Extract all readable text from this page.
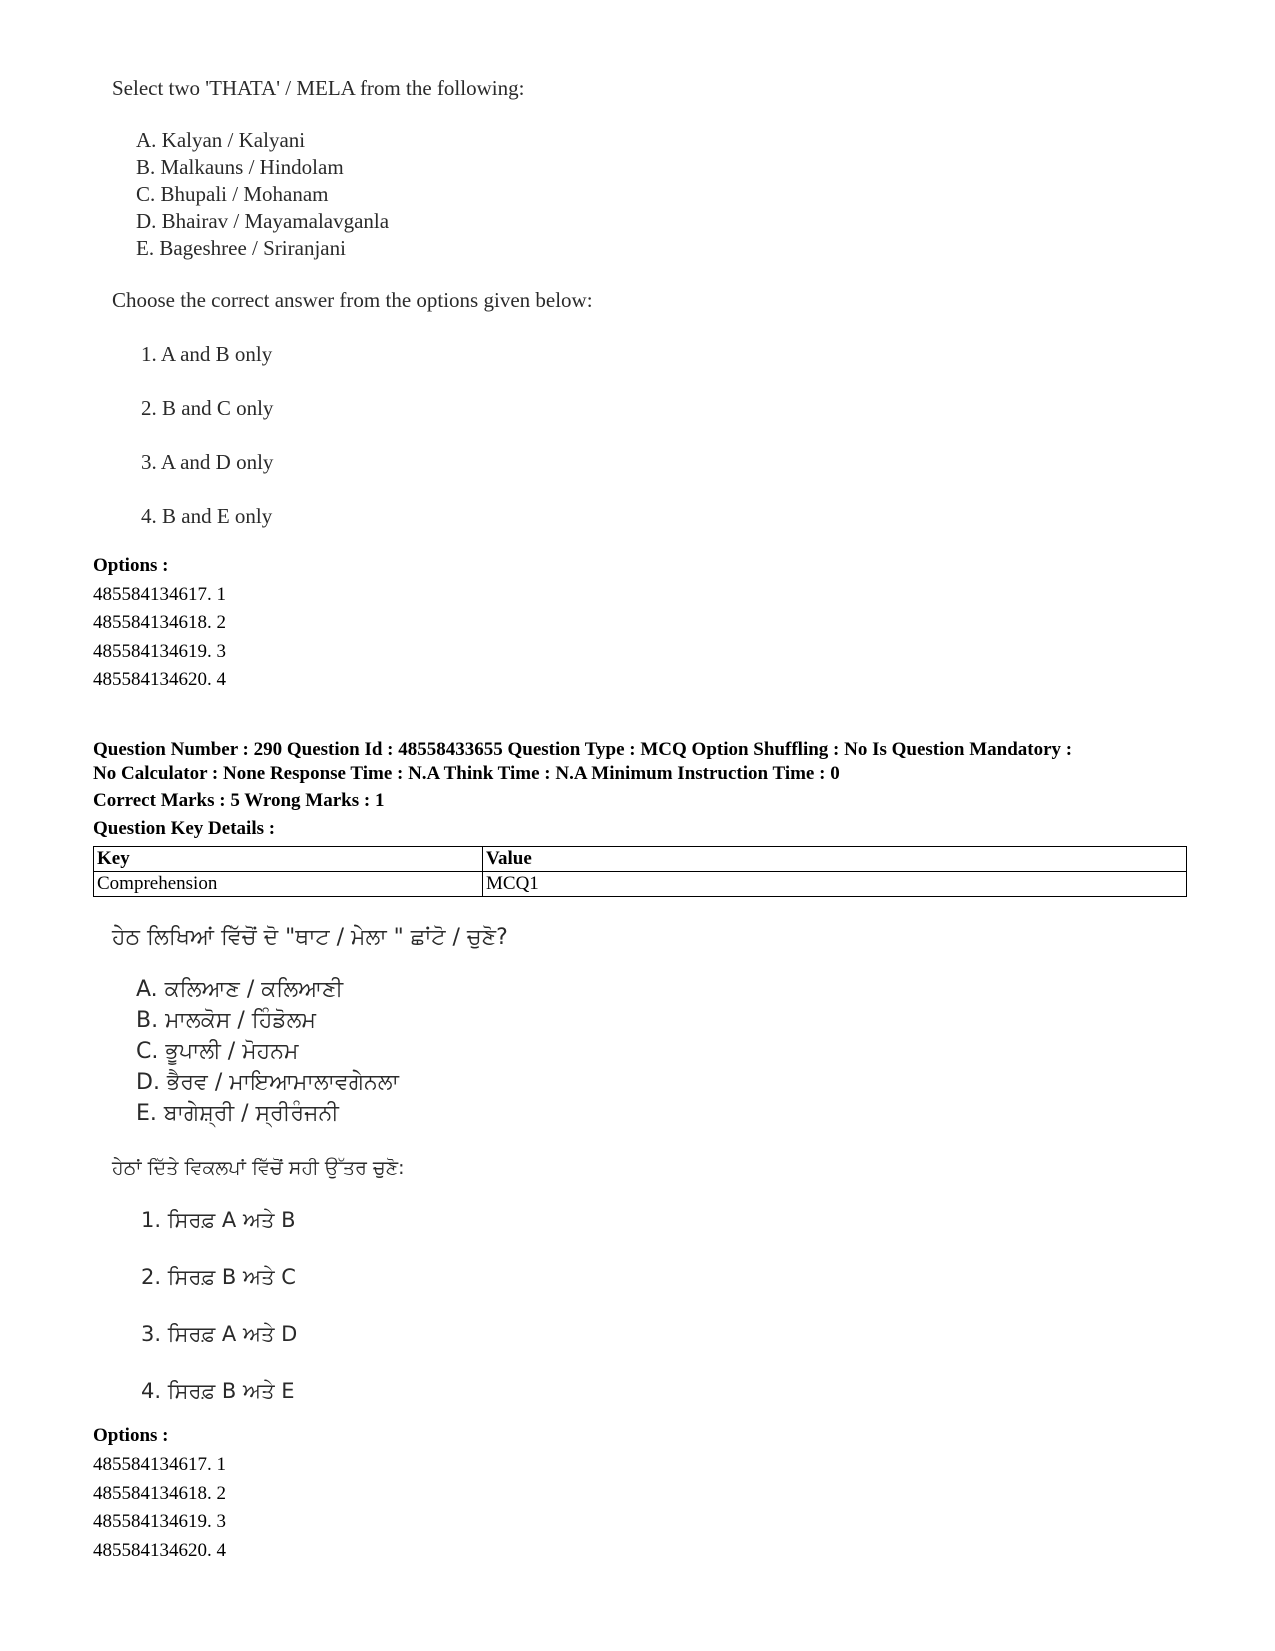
Select two 'THATA' / MELA from the following:
A. Kalyan / Kalyani
B. Malkauns / Hindolam
C. Bhupali / Mohanam
D. Bhairav / Mayamalavganla
E. Bageshree / Sriranjani
Choose the correct answer from the options given below:
1. A and B only
2. B and C only
3. A and D only
4. B and E only
Options :
485584134617. 1
485584134618. 2
485584134619. 3
485584134620. 4
Question Number : 290 Question Id : 48558433655 Question Type : MCQ Option Shuffling : No Is Question Mandatory :
No Calculator : None Response Time : N.A Think Time : N.A Minimum Instruction Time : 0
Correct Marks : 5 Wrong Marks : 1
Question Key Details :
Key	Value
Comprehension	MCQ1
ਹੇਠ ਲਿਖਿਆਂ ਵਿੱਚੋਂ ਦੋ "ਥਾਟ / ਮੇਲਾ " ਛਾਂਟੋ / ਚੁਣੋ?
A. ਕਲਿਆਣ / ਕਲਿਆਣੀ
B. ਮਾਲਕੋਸ / ਹਿੰਡੋਲਮ
C. ਭੂਪਾਲੀ / ਮੋਹਨਮ
D. ਭੈਰਵ / ਮਾਇਆਮਾਲਾਵਗੇਨਲਾ
E. ਬਾਗੇਸ਼੍ਰੀ / ਸ੍ਰੀਰੰਜਨੀ
ਹੇਠਾਂ ਦਿੱਤੇ ਵਿਕਲਪਾਂ ਵਿੱਚੋਂ ਸਹੀ ਉੱਤਰ ਚੁਣੋ:
1. ਸਿਰਫ਼ A ਅਤੇ B
2. ਸਿਰਫ਼ B ਅਤੇ C
3. ਸਿਰਫ਼ A ਅਤੇ D
4. ਸਿਰਫ਼ B ਅਤੇ E
Options :
485584134617. 1
485584134618. 2
485584134619. 3
485584134620. 4
